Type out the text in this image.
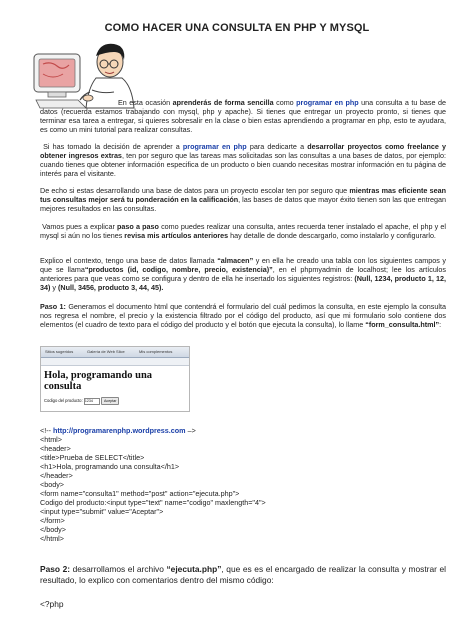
COMO HACER UNA CONSULTA EN PHP Y MYSQL
En esta ocasión aprenderás de forma sencilla como programar en php una consulta a tu base de datos (recuerda estamos trabajando con mysql, php y apache). Si tienes que entregar un proyecto pronto, si tienes que terminar esa tarea a entregar, si quieres sobresalir en la clase o bien estas aprendiendo a programar en php, esto te ayudara, es como un mini tutorial para realizar consultas.
Si has tomado la decisión de aprender a programar en php para dedicarte a desarrollar proyectos como freelance y obtener ingresos extras, ten por seguro que las tareas mas solicitadas son las consultas a una bases de datos, por ejemplo: cuando tienes que obtener información especifica de un producto o bien cuando necesitas mostrar información en tu página de interés para el visitante.
De echo si estas desarrollando una base de datos para un proyecto escolar ten por seguro que mientras mas eficiente sean tus consultas mejor será tu ponderación en la calificación, las bases de datos que mayor éxito tienen son las que entregan mejores resultados en las consultas.
Vamos pues a explicar paso a paso como puedes realizar una consulta, antes recuerda tener instalado el apache, el php y el mysql si aún no los tienes revisa mis artículos anteriores hay detalle de donde descargarlo, como instalarlo y configurarlo.
Explico el contexto, tengo una base de datos llamada “almacen” y en ella he creado una tabla con los siguientes campos y que se llama“productos (id, codigo, nombre, precio, existencia)”, en el phpmyadmin de localhost; lee los artículos anteriores para que veas como se configura y dentro de ella he insertado los siguientes registros: (Null, 1234, producto 1, 12, 34) y (Null, 3456, producto 3, 44, 45).
Paso 1: Generamos el documento html que contendrá el formulario del cuál pedimos la consulta, en este ejemplo la consulta nos regresa el nombre, el precio y la existencia filtrado por el código del producto, así que mi formulario solo contiene dos elementos (el cuadro de texto para el código del producto y el botón que ejecuta la consulta), lo llame “form_consulta.html”:
Sitios sugeridos	Galería de Web Slice	Mis complementos
Hola, programando una consulta
Codigo del producto: 1234	Aceptar
<!-- http://programarenphp.wordpress.com –>
<html>
<header>
<title>Prueba de SELECT</title>
<h1>Hola, programando una consulta</h1>
</header>
<body>
<form name="consulta1" method="post" action="ejecuta.php">
Codigo del producto:<input type="text" name="codigo" maxlength="4">
<input type="submit" value="Aceptar">
</form>
</body>
</html>
Paso 2: desarrollamos el archivo “ejecuta.php”, que es es el encargado de realizar la consulta y mostrar el resultado, lo explico con comentarios dentro del mismo código:
<?php
